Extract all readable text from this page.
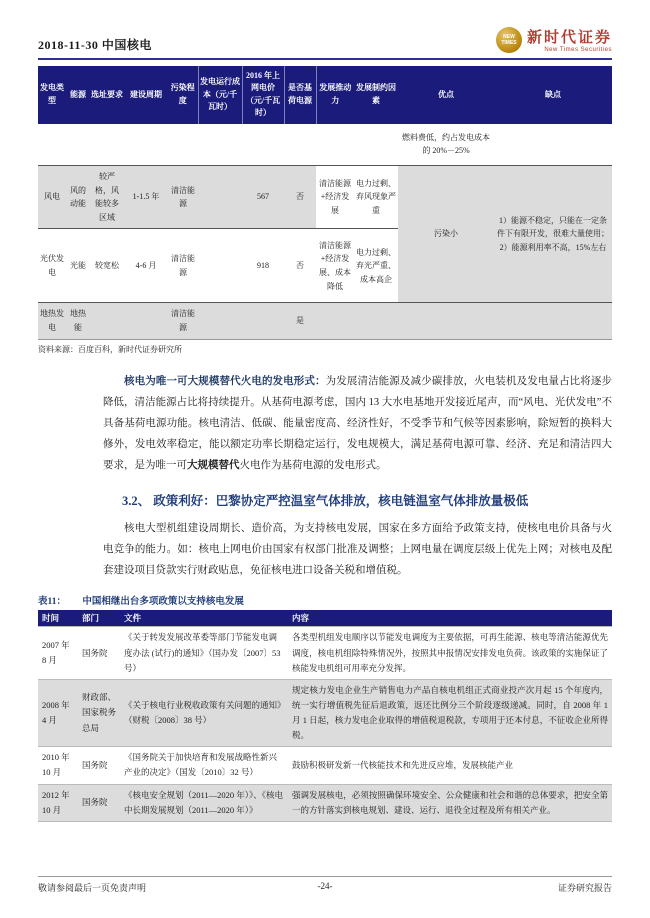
2018-11-30 中国核电
NEW
TIMES 新时代证券
New Times Securities
发电类型	能源	选址要求	建设周期	污染程度	发电运行成本（元/千瓦时）	2016 年上网电价（元/千瓦时）	是否基荷电源	发展推动力	发展制约因素	优点	缺点
										燃料费低，约占发电成本的 20%－25%	
风电	风的动能	较严格，风能较多区域	1-1.5 年	清洁能源		567	否	清洁能源+经济发展	电力过剩、弃风现象严重	污染小	1）能源不稳定，只能在一定条件下有限开发，很难大量使用；2）能源利用率不高，15%左右
光伏发电	光能	较宽松	4-6 月	清洁能源		918	否	清洁能源+经济发展、成本降低	电力过剩、弃光严重、成本高企		
地热发电	地热能			清洁能源			是				
资料来源：百度百科，新时代证券研究所
核电为唯一可大规模替代火电的发电形式：为发展清洁能源及减少碳排放，火电装机及发电量占比将逐步降低，清洁能源占比将持续提升。从基荷电源考虑，国内 13 大水电基地开发接近尾声，而“风电、光伏发电”不具备基荷电源功能。核电清洁、低碳、能量密度高、经济性好，不受季节和气候等因素影响，除短暂的换料大修外，发电效率稳定，能以额定功率长期稳定运行，发电规模大，满足基荷电源可靠、经济、充足和清洁四大要求，是为唯一可大规模替代火电作为基荷电源的发电形式。
3.2、 政策利好：巴黎协定严控温室气体排放，核电链温室气体排放量极低
核电大型机组建设周期长、造价高，为支持核电发展，国家在多方面给予政策支持，使核电电价具备与火电竞争的能力。如：核电上网电价由国家有权部门批准及调整；上网电量在调度层级上优先上网；对核电及配套建设项目贷款实行财政贴息，免征核电进口设备关税和增值税。
表11： 中国相继出台多项政策以支持核电发展
时间	部门	文件	内容
2007 年 8 月	国务院	《关于转发发展改革委等部门节能发电调度办法 (试行)的通知》（国办发〔2007〕53 号）	各类型机组发电顺序以节能发电调度为主要依据，可再生能源、核电等清洁能源优先调度，核电机组除特殊情况外，按照其申报情况安排发电负荷。该政策的实施保证了核能发电机组可用率充分发挥。
2008 年 4 月	财政部、国家税务总局	《关于核电行业税收政策有关问题的通知》（财税〔2008〕38 号）	规定核力发电企业生产销售电力产品自核电机组正式商业投产次月起 15 个年度内，统一实行增值税先征后退政策，返还比例分三个阶段逐级递减。同时，自 2008 年 1 月 1 日起，核力发电企业取得的增值税退税款，专项用于还本付息，不征收企业所得税。
2010 年 10 月	国务院	《国务院关于加快培育和发展战略性新兴产业的决定》（国发〔2010〕32 号）	鼓励积极研发新一代核能技术和先进反应堆，发展核能产业
2012 年 10 月	国务院	《核电安全规划（2011—2020 年）》、《核电中长期发展规划（2011—2020 年）》	强调发展核电，必须按照确保环境安全、公众健康和社会和谐的总体要求，把安全第一的方针落实到核电规划、建设、运行、退役全过程及所有相关产业。
敬请参阅最后一页免责声明	-24-	证券研究报告
